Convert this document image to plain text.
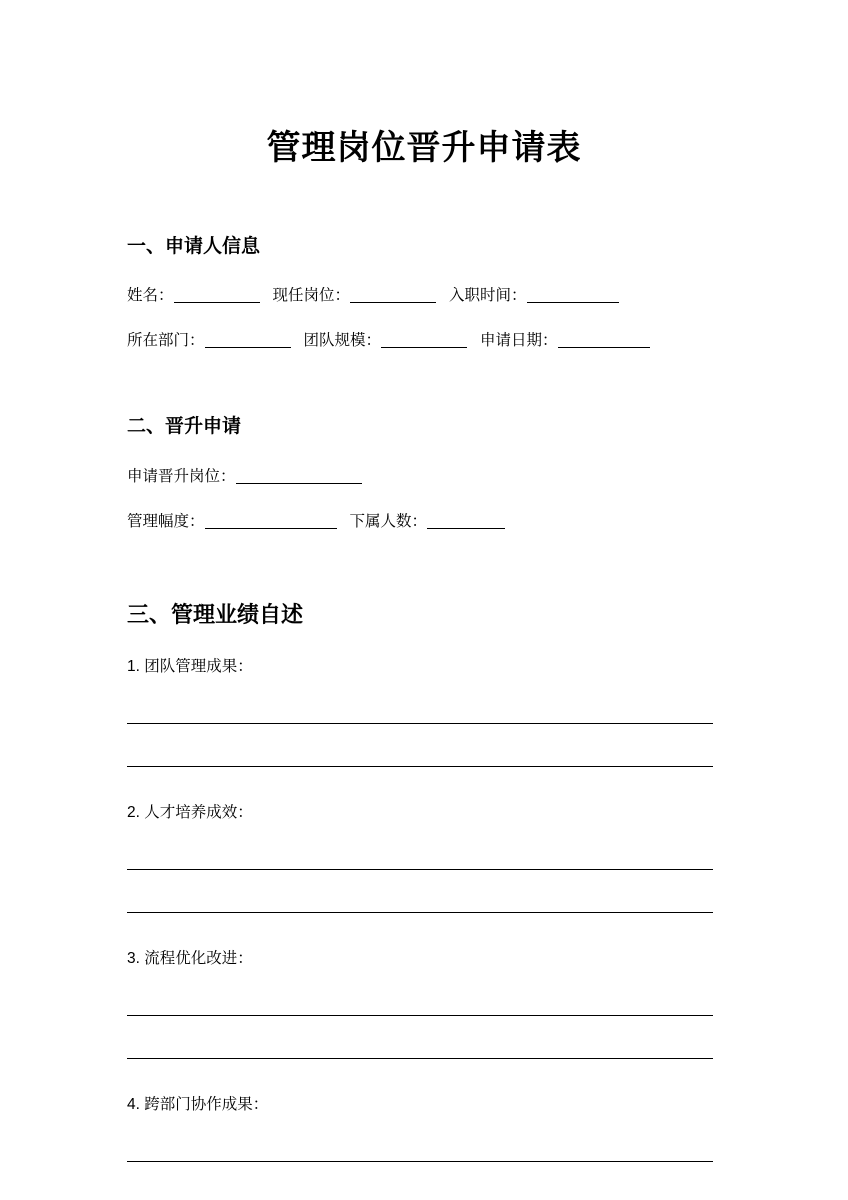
管理岗位晋升申请表
一、申请人信息
姓名：	现任岗位：	入职时间：
所在部门：	团队规模：	申请日期：
二、晋升申请
申请晋升岗位：
管理幅度：	下属人数：
三、管理业绩自述

1. 团队管理成果：

2. 人才培养成效：

3. 流程优化改进：

4. 跨部门协作成果：
